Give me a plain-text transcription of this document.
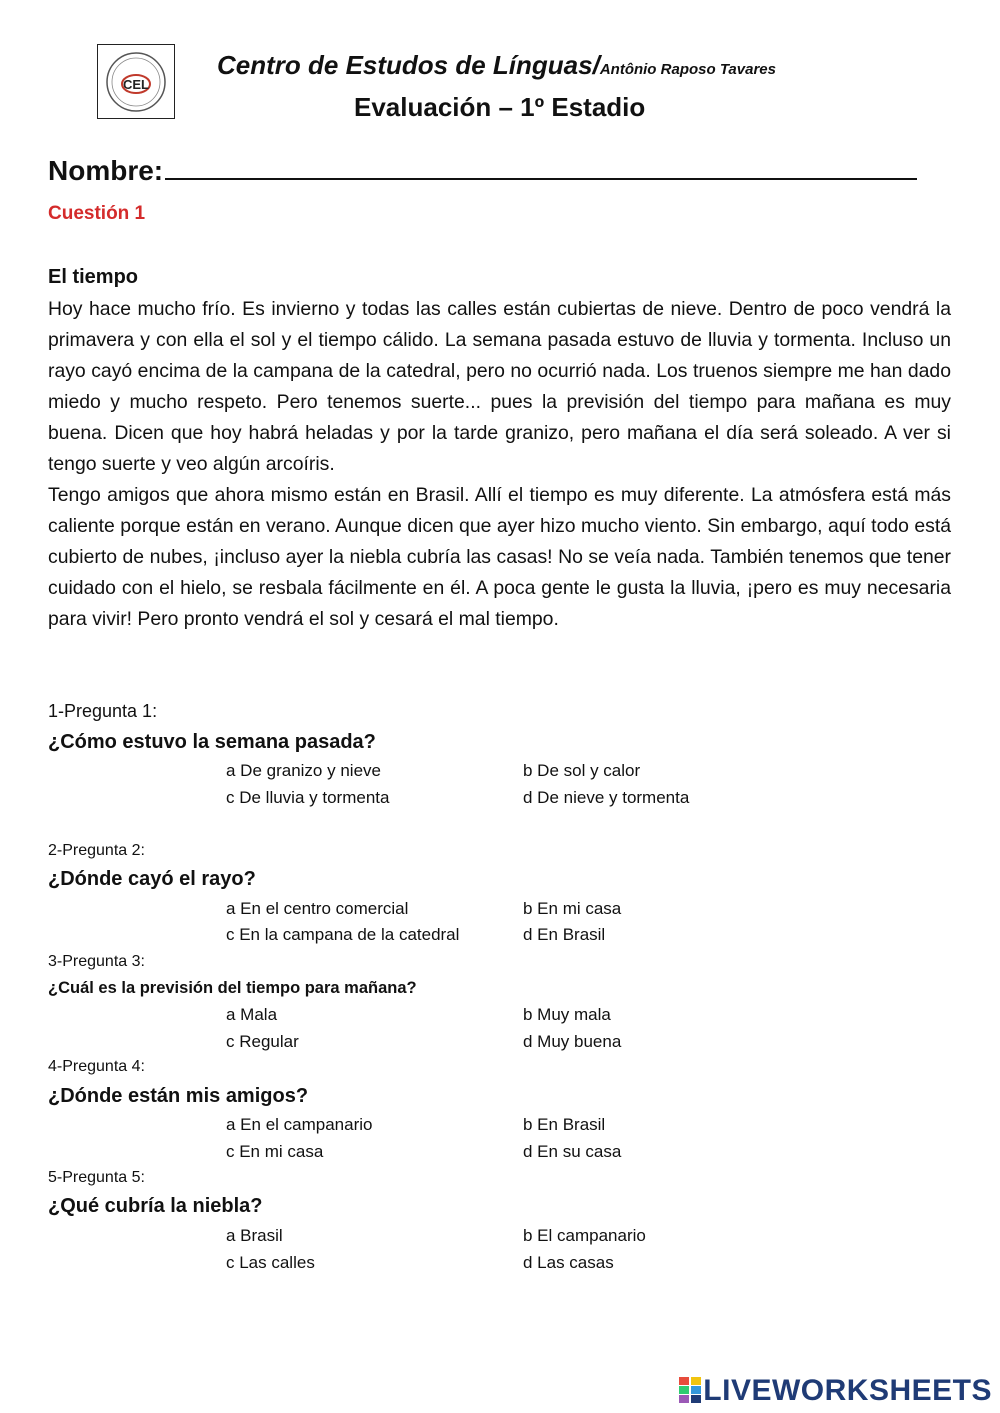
CEL
Centro de Estudos de Línguas/Antônio Raposo Tavares
Evaluación – 1º Estadio
Nombre:
Cuestión 1
El tiempo

Hoy hace mucho frío. Es invierno y todas las calles están cubiertas de nieve. Dentro de poco vendrá la primavera y con ella el sol y el tiempo cálido. La semana pasada estuvo de lluvia y tormenta. Incluso un rayo cayó encima de la campana de la catedral, pero no ocurrió nada. Los truenos siempre me han dado miedo y mucho respeto. Pero tenemos suerte... pues la previsión del tiempo para mañana es muy buena. Dicen que hoy habrá heladas y por la tarde granizo, pero mañana el día será soleado. A ver si tengo suerte y veo algún arcoíris.

Tengo amigos que ahora mismo están en Brasil. Allí el tiempo es muy diferente. La atmósfera está más caliente porque están en verano. Aunque dicen que ayer hizo mucho viento. Sin embargo, aquí todo está cubierto de nubes, ¡incluso ayer la niebla cubría las casas! No se veía nada. También tenemos que tener cuidado con el hielo, se resbala fácilmente en él. A poca gente le gusta la lluvia, ¡pero es muy necesaria para vivir! Pero pronto vendrá el sol y cesará el mal tiempo.

1-Pregunta 1:
¿Cómo estuvo la semana pasada?
a De granizo y nieve	b De sol y calor
c De lluvia y tormenta	d De nieve y tormenta
2-Pregunta 2:
¿Dónde cayó el rayo?
a En el centro comercial	b En mi casa
c En la campana de la catedral	d En Brasil
3-Pregunta 3:
¿Cuál es la previsión del tiempo para mañana?
a Mala	b Muy mala
c Regular	d Muy buena
4-Pregunta 4:
¿Dónde están mis amigos?
a En el campanario	b En Brasil
c En mi casa	d En su casa
5-Pregunta 5:
¿Qué cubría la niebla?
a Brasil	b El campanario
c Las calles	d Las casas
LIVEWORKSHEETS
